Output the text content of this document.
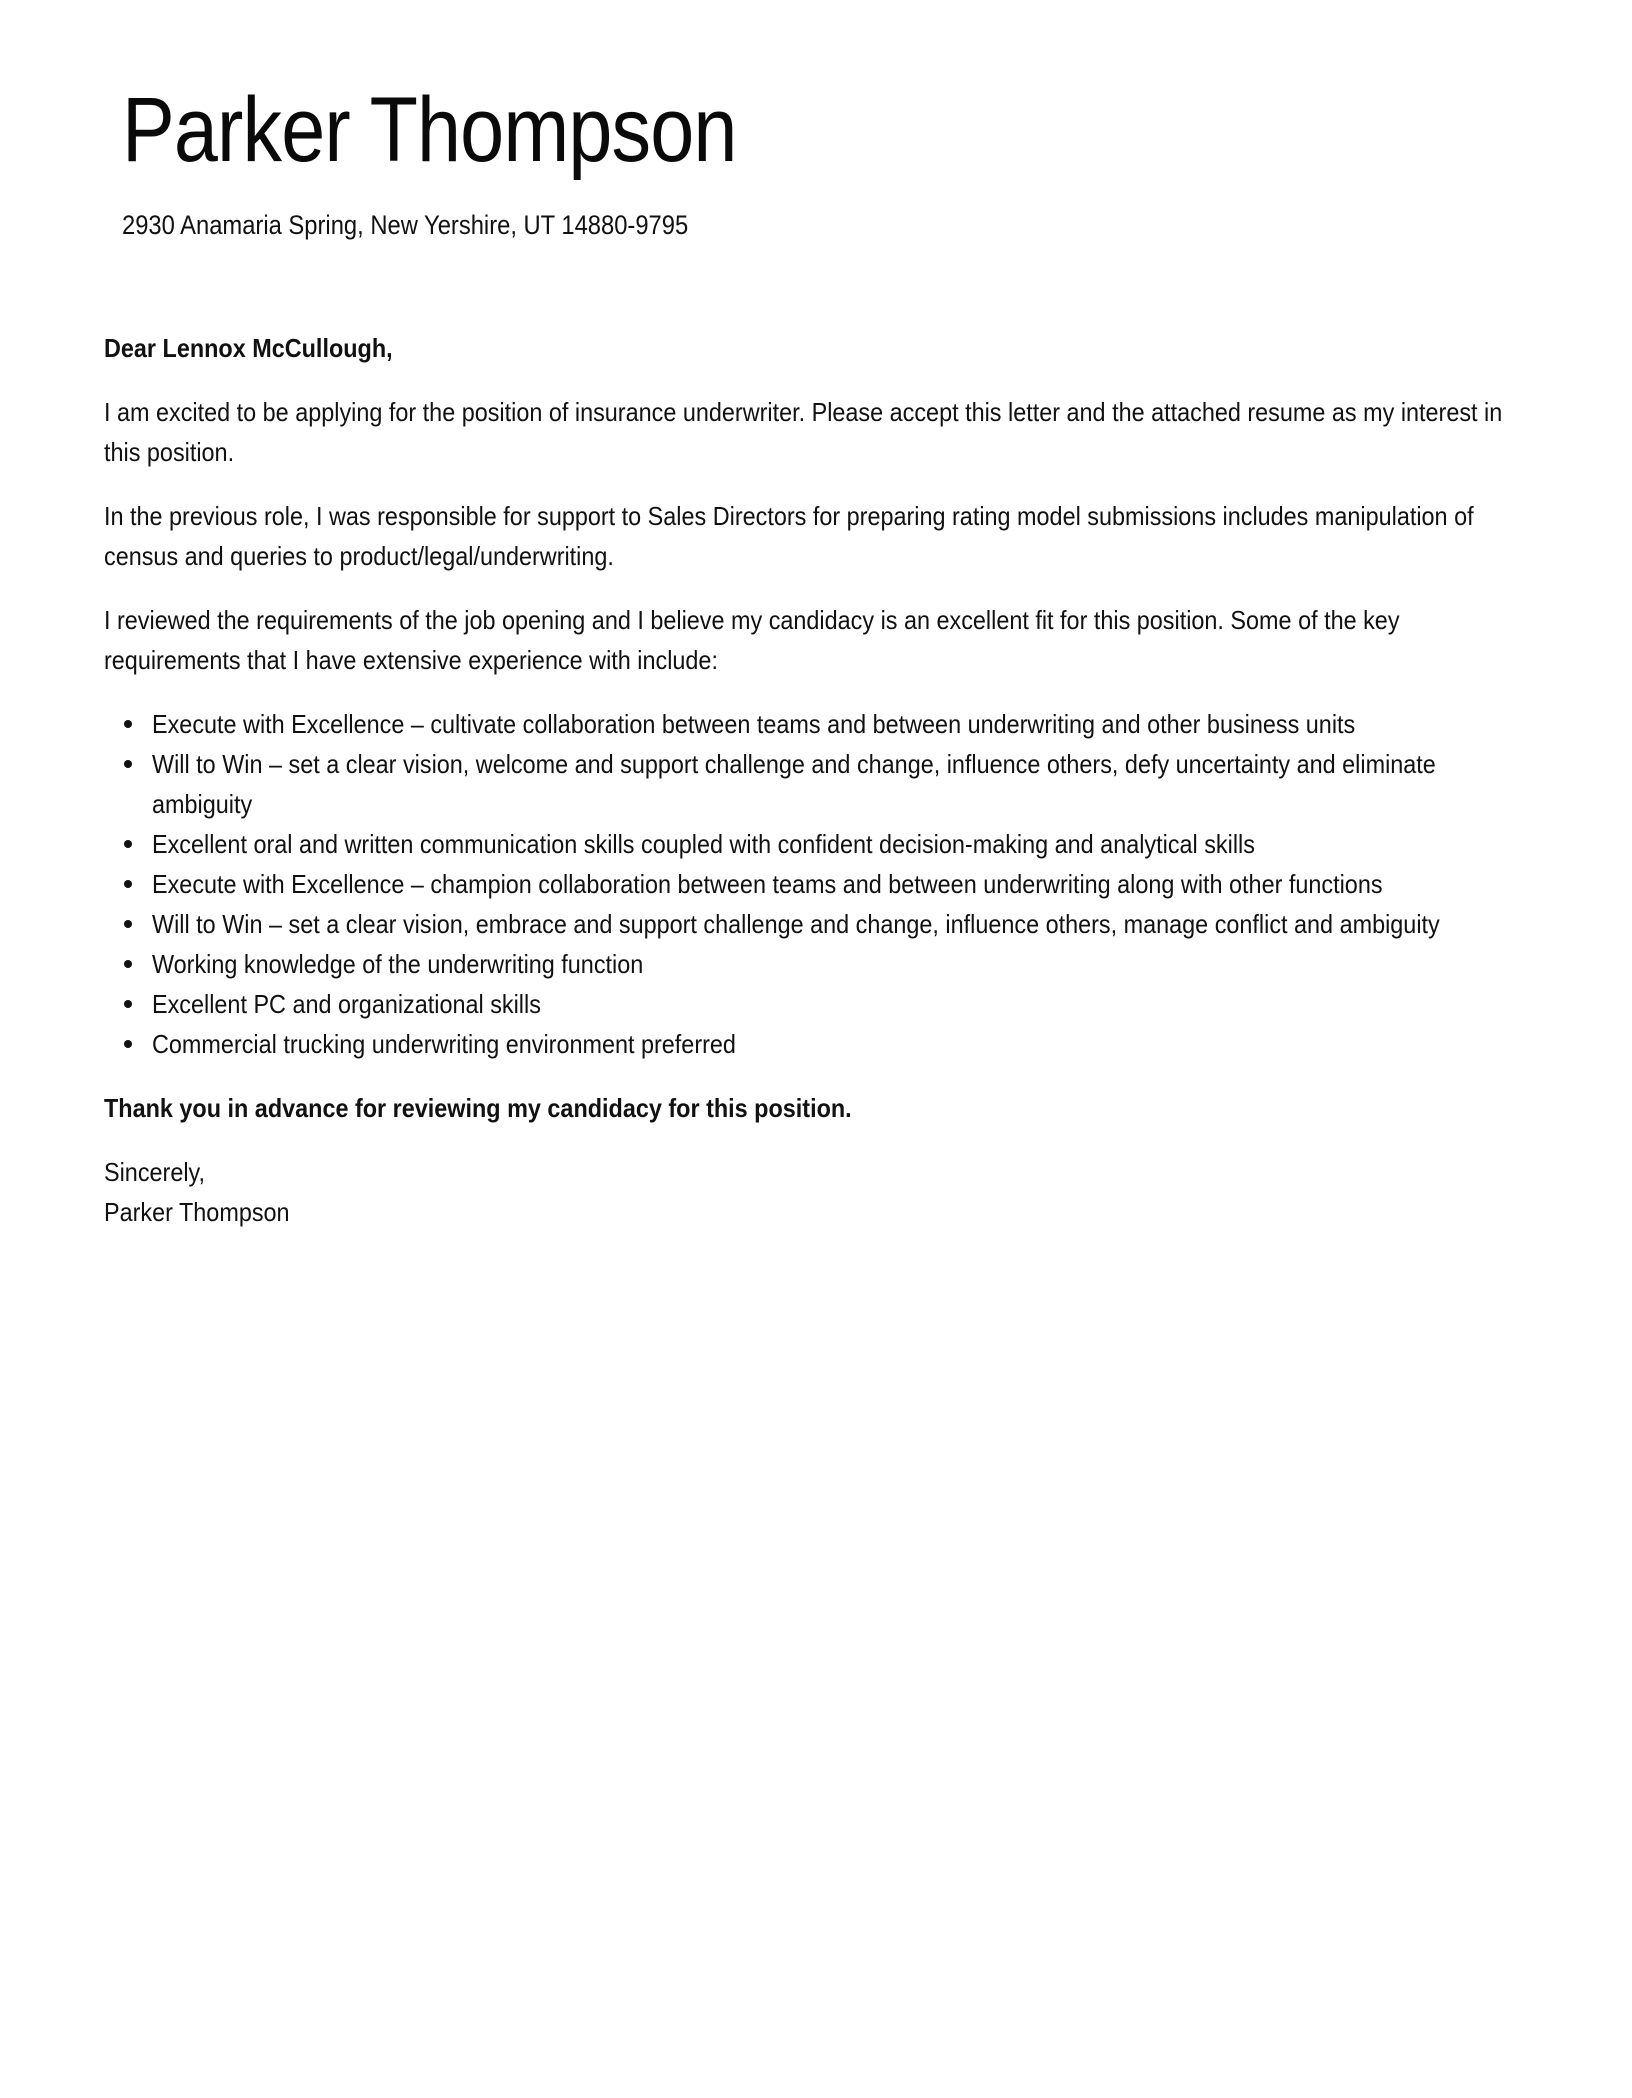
Parker Thompson
2930 Anamaria Spring, New Yershire, UT 14880-9795

Dear Lennox McCullough,

I am excited to be applying for the position of insurance underwriter. Please accept this letter and the attached resume as my interest in this position.

In the previous role, I was responsible for support to Sales Directors for preparing rating model submissions includes manipulation of census and queries to product/legal/underwriting.

I reviewed the requirements of the job opening and I believe my candidacy is an excellent fit for this position. Some of the key requirements that I have extensive experience with include:

Execute with Excellence – cultivate collaboration between teams and between underwriting and other business units
Will to Win – set a clear vision, welcome and support challenge and change, influence others, defy uncertainty and eliminate ambiguity
Excellent oral and written communication skills coupled with confident decision-making and analytical skills
Execute with Excellence – champion collaboration between teams and between underwriting along with other functions
Will to Win – set a clear vision, embrace and support challenge and change, influence others, manage conflict and ambiguity
Working knowledge of the underwriting function
Excellent PC and organizational skills
Commercial trucking underwriting environment preferred

Thank you in advance for reviewing my candidacy for this position.

Sincerely,
Parker Thompson
